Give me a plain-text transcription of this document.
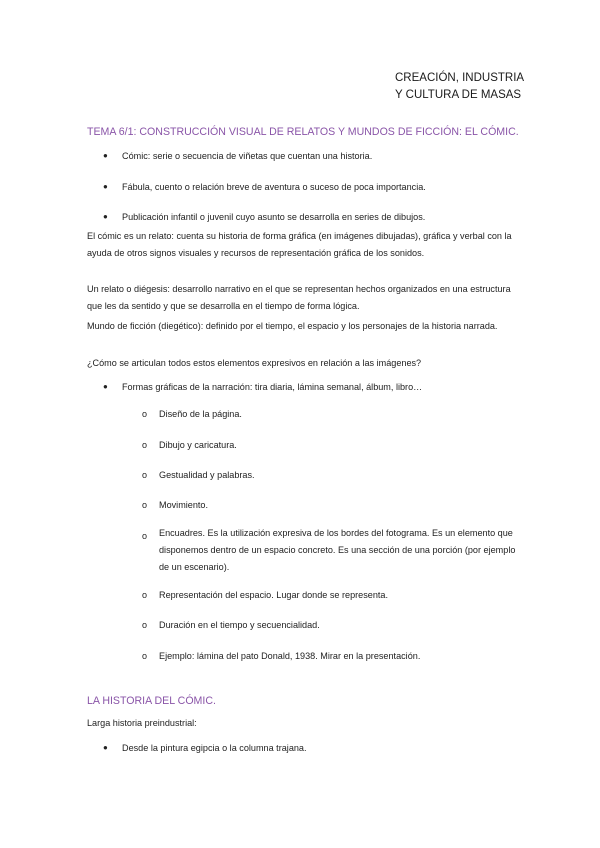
CREACIÓN, INDUSTRIA
Y CULTURA DE MASAS
TEMA 6/1: CONSTRUCCIÓN VISUAL DE RELATOS Y MUNDOS DE FICCIÓN: EL CÓMIC.
● Cómic: serie o secuencia de viñetas que cuentan una historia.
● Fábula, cuento o relación breve de aventura o suceso de poca importancia.
● Publicación infantil o juvenil cuyo asunto se desarrolla en series de dibujos.
El cómic es un relato: cuenta su historia de forma gráfica (en imágenes dibujadas), gráfica y verbal con la ayuda de otros signos visuales y recursos de representación gráfica de los sonidos.
Un relato o diégesis: desarrollo narrativo en el que se representan hechos organizados en una estructura que les da sentido y que se desarrolla en el tiempo de forma lógica.
Mundo de ficción (diegético): definido por el tiempo, el espacio y los personajes de la historia narrada.
¿Cómo se articulan todos estos elementos expresivos en relación a las imágenes?
● Formas gráficas de la narración: tira diaria, lámina semanal, álbum, libro…
o Diseño de la página.
o Dibujo y caricatura.
o Gestualidad y palabras.
o Movimiento.
o Encuadres. Es la utilización expresiva de los bordes del fotograma. Es un elemento que disponemos dentro de un espacio concreto. Es una sección de una porción (por ejemplo de un escenario).
o Representación del espacio. Lugar donde se representa.
o Duración en el tiempo y secuencialidad.
o Ejemplo: lámina del pato Donald, 1938. Mirar en la presentación.
LA HISTORIA DEL CÓMIC.
Larga historia preindustrial:
● Desde la pintura egipcia o la columna trajana.
